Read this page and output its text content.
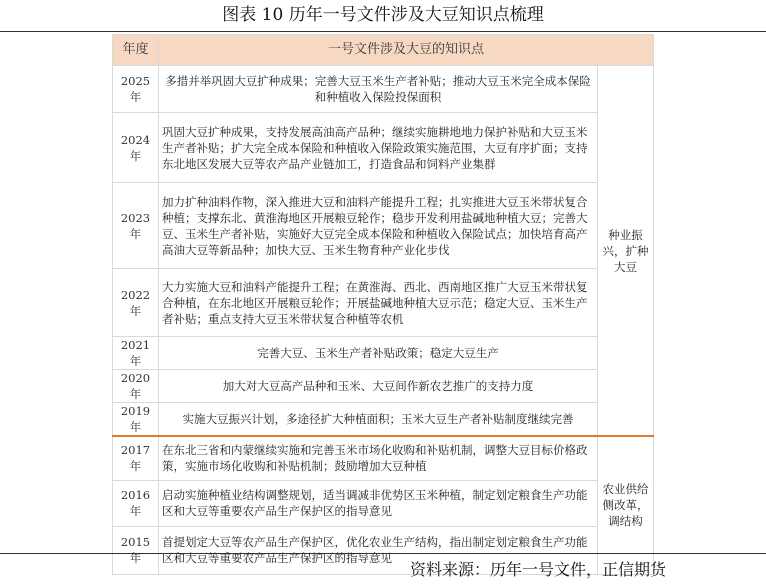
图表 10 历年一号文件涉及大豆知识点梳理
年度	一号文件涉及大豆的知识点	
2025年	多措并举巩固大豆扩种成果；完善大豆玉米生产者补贴；推动大豆玉米完全成本保险和种植收入保险投保面积	种业振兴，扩种大豆
2024年	巩固大豆扩种成果，支持发展高油高产品种；继续实施耕地地力保护补贴和大豆玉米生产者补贴；扩大完全成本保险和种植收入保险政策实施范围，大豆有序扩面；支持东北地区发展大豆等农产品产业链加工，打造食品和饲料产业集群	
2023年	加力扩种油料作物，深入推进大豆和油料产能提升工程；扎实推进大豆玉米带状复合种植；支撑东北、黄淮海地区开展粮豆轮作；稳步开发利用盐碱地种植大豆；完善大豆、玉米生产者补贴，实施好大豆完全成本保险和种植收入保险试点；加快培育高产高油大豆等新品种；加快大豆、玉米生物育种产业化步伐	
2022年	大力实施大豆和油料产能提升工程；在黄淮海、西北、西南地区推广大豆玉米带状复合种植，在东北地区开展粮豆轮作；开展盐碱地种植大豆示范；稳定大豆、玉米生产者补贴；重点支持大豆玉米带状复合种植等农机	
2021年	完善大豆、玉米生产者补贴政策；稳定大豆生产	
2020年	加大对大豆高产品种和玉米、大豆间作新农艺推广的支持力度	
2019年	实施大豆振兴计划，多途径扩大种植面积；玉米大豆生产者补贴制度继续完善	
2017年	在东北三省和内蒙继续实施和完善玉米市场化收购和补贴机制，调整大豆目标价格政策，实施市场化收购和补贴机制；鼓励增加大豆种植	农业供给侧改革，调结构
2016年	启动实施种植业结构调整规划，适当调减非优势区玉米种植，制定划定粮食生产功能区和大豆等重要农产品生产保护区的指导意见	
2015年	首提划定大豆等农产品生产保护区，优化农业生产结构，指出制定划定粮食生产功能区和大豆等重要农产品生产保护区的指导意见	
资料来源：历年一号文件，正信期货
